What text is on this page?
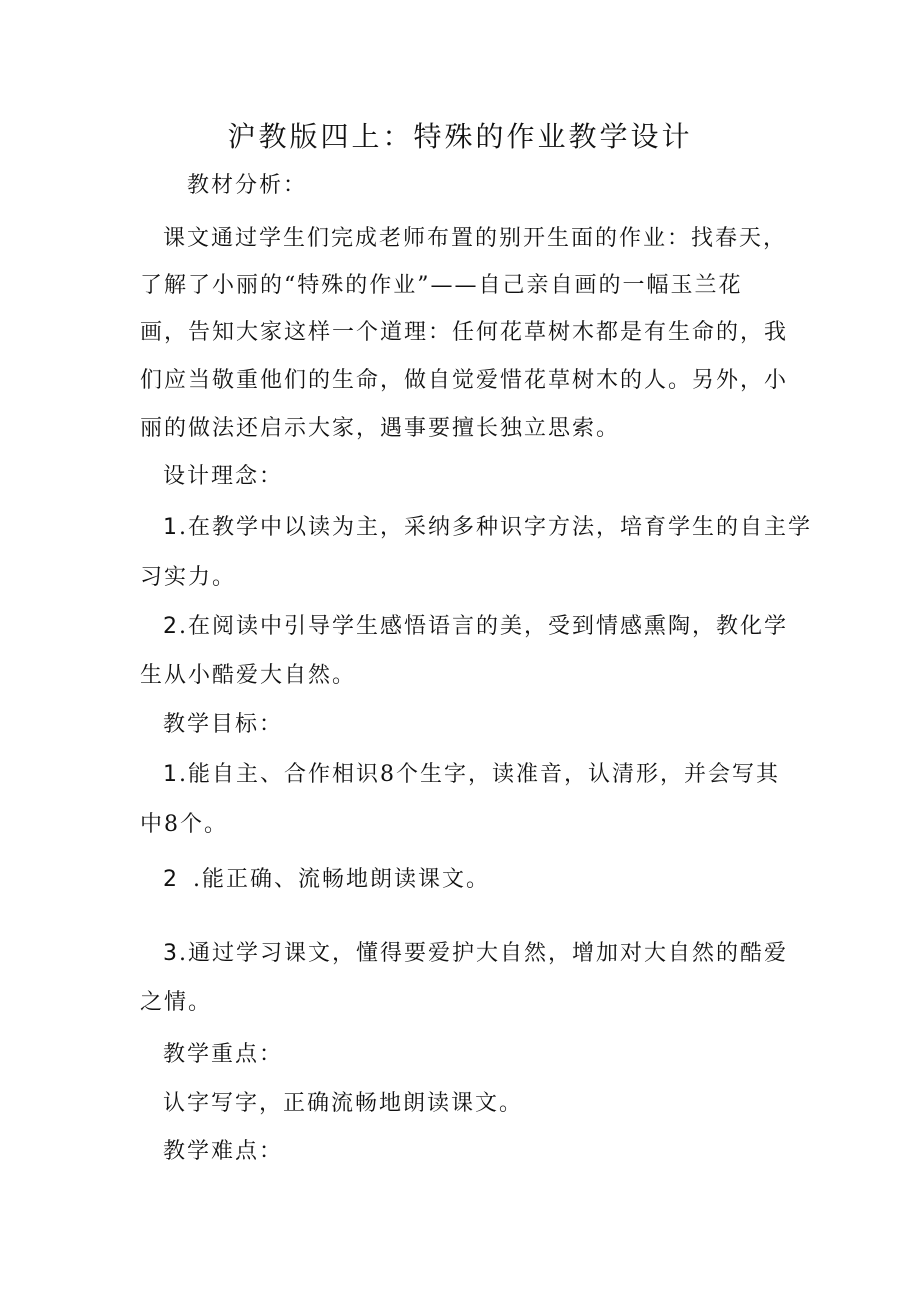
沪教版四上：特殊的作业教学设计
教材分析：
课文通过学生们完成老师布置的别开生面的作业：找春天，
了解了小丽的“特殊的作业”——自己亲自画的一幅玉兰花
画，告知大家这样一个道理：任何花草树木都是有生命的，我
们应当敬重他们的生命，做自觉爱惜花草树木的人。另外，小
丽的做法还启示大家，遇事要擅长独立思索。
设计理念：
1.在教学中以读为主，采纳多种识字方法，培育学生的自主学
习实力。
2.在阅读中引导学生感悟语言的美，受到情感熏陶，教化学
生从小酷爱大自然。
教学目标：
1.能自主、合作相识8个生字，读准音，认清形，并会写其
中8个。
2 .能正确、流畅地朗读课文。
3.通过学习课文，懂得要爱护大自然，增加对大自然的酷爱
之情。
教学重点：
认字写字，正确流畅地朗读课文。
教学难点：
